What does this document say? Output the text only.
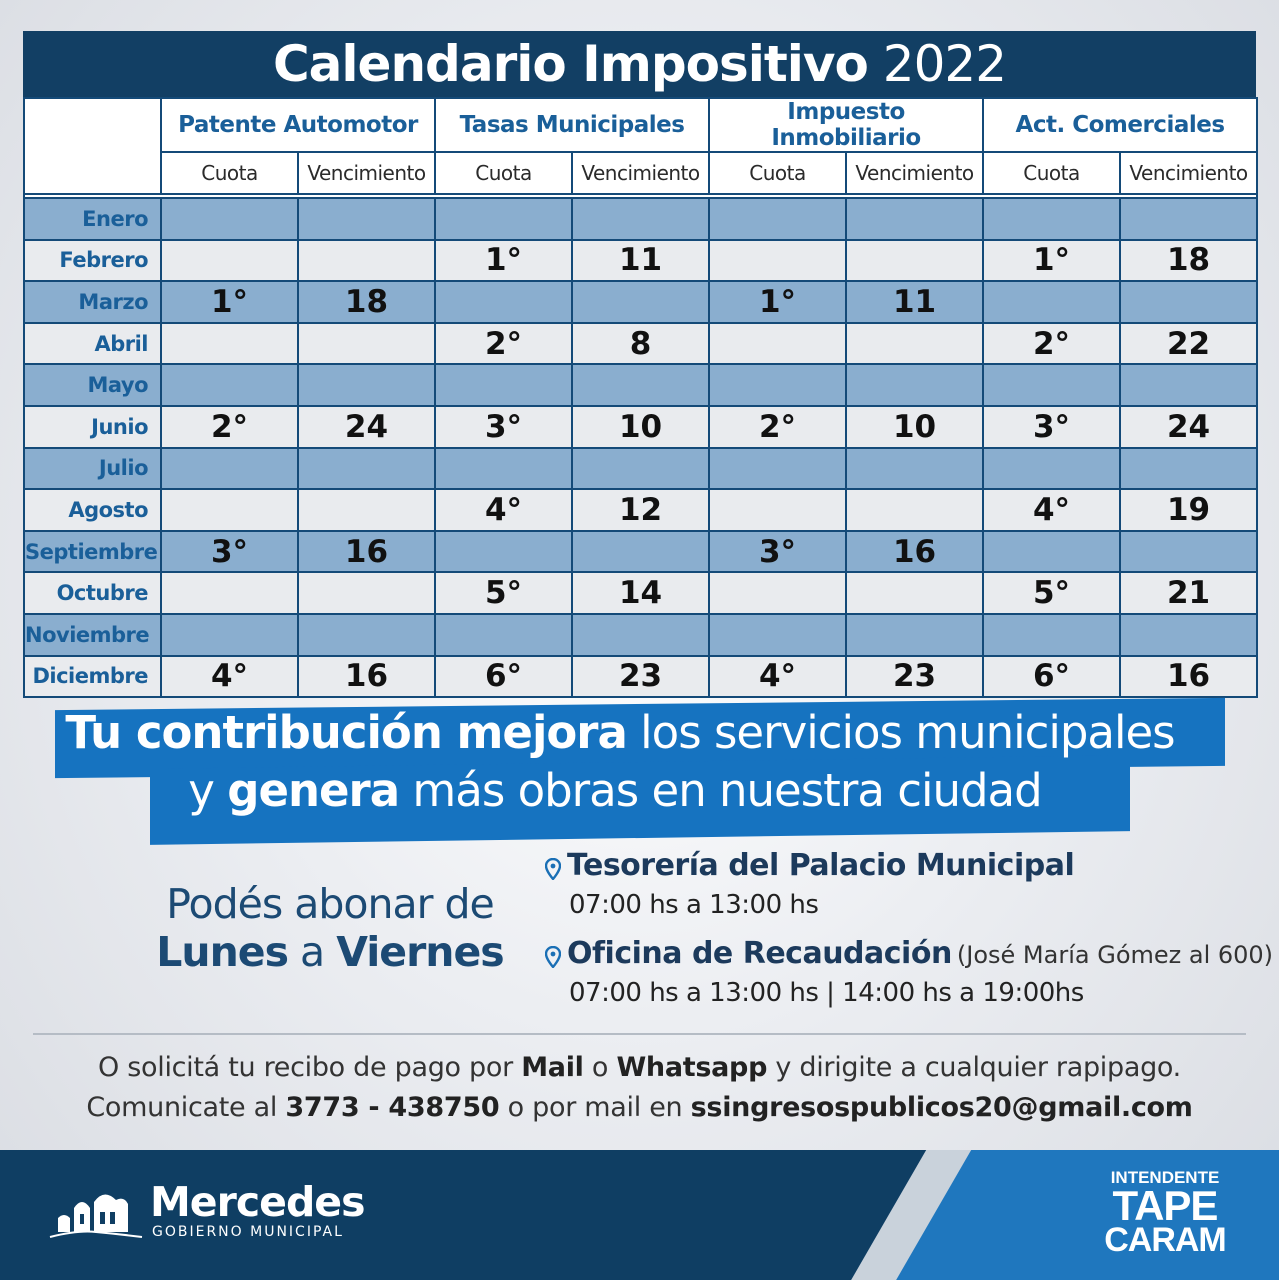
Calendario Impositivo 2022
	Patente Automotor		Tasas Municipales		Impuesto Inmobiliario		Act. Comerciales	
	Cuota	Vencimiento	Cuota	Vencimiento	Cuota	Vencimiento	Cuota	Vencimiento

Enero								
Febrero			1°	11			1°	18
Marzo	1°	18			1°	11		
Abril			2°	8			2°	22
Mayo								
Junio	2°	24	3°	10	2°	10	3°	24
Julio								
Agosto			4°	12			4°	19
Septiembre	3°	16			3°	16		
Octubre			5°	14			5°	21
Noviembre								
Diciembre	4°	16	6°	23	4°	23	6°	16
Tu contribución mejora los servicios municipales
y genera más obras en nuestra ciudad
Podés abonar de
Lunes a Viernes
Tesorería del Palacio Municipal
07:00 hs a 13:00 hs
Oficina de Recaudación (José María Gómez al 600)
07:00 hs a 13:00 hs | 14:00 hs a 19:00hs
O solicitá tu recibo de pago por Mail o Whatsapp y dirigite a cualquier rapipago.
Comunicate al 3773 - 438750 o por mail en ssingresospublicos20@gmail.com
Mercedes
GOBIERNO MUNICIPAL
INTENDENTE
TAPE
CARAM
